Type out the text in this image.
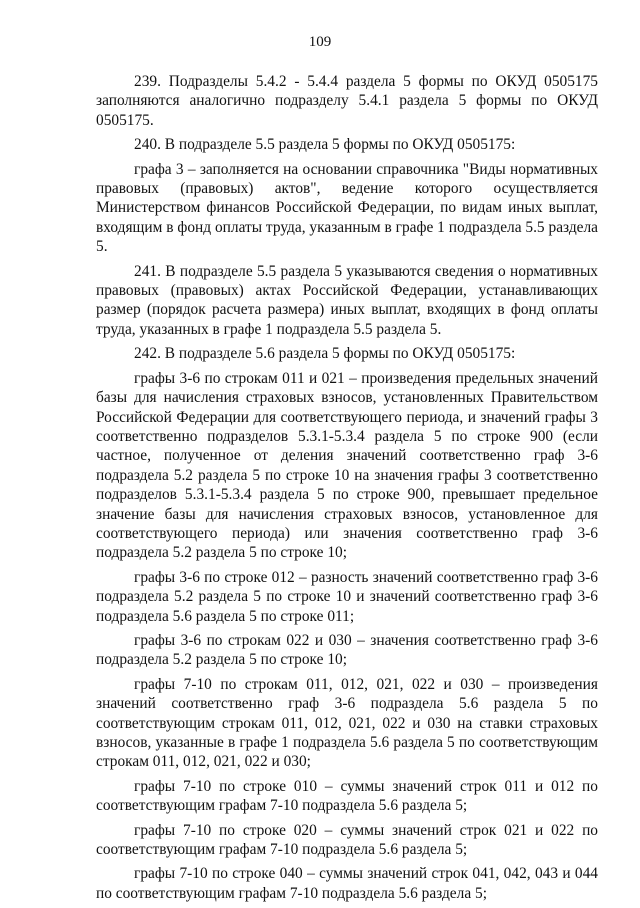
109

239. Подразделы 5.4.2 - 5.4.4 раздела 5 формы по ОКУД 0505175 заполняются аналогично подразделу 5.4.1 раздела 5 формы по ОКУД 0505175.

240. В подразделе 5.5 раздела 5 формы по ОКУД 0505175:

графа 3 – заполняется на основании справочника "Виды нормативных правовых (правовых) актов", ведение которого осуществляется Министерством финансов Российской Федерации, по видам иных выплат, входящим в фонд оплаты труда, указанным в графе 1 подраздела 5.5 раздела 5.

241. В подразделе 5.5 раздела 5 указываются сведения о нормативных правовых (правовых) актах Российской Федерации, устанавливающих размер (порядок расчета размера) иных выплат, входящих в фонд оплаты труда, указанных в графе 1 подраздела 5.5 раздела 5.

242. В подразделе 5.6 раздела 5 формы по ОКУД 0505175:

графы 3-6 по строкам 011 и 021 – произведения предельных значений базы для начисления страховых взносов, установленных Правительством Российской Федерации для соответствующего периода, и значений графы 3 соответственно подразделов 5.3.1-5.3.4 раздела 5 по строке 900 (если частное, полученное от деления значений соответственно граф 3-6 подраздела 5.2 раздела 5 по строке 10 на значения графы 3 соответственно подразделов 5.3.1-5.3.4 раздела 5 по строке 900, превышает предельное значение базы для начисления страховых взносов, установленное для соответствующего периода) или значения соответственно граф 3-6 подраздела 5.2 раздела 5 по строке 10;

графы 3-6 по строке 012 – разность значений соответственно граф 3-6 подраздела 5.2 раздела 5 по строке 10 и значений соответственно граф 3-6 подраздела 5.6 раздела 5 по строке 011;

графы 3-6 по строкам 022 и 030 – значения соответственно граф 3-6 подраздела 5.2 раздела 5 по строке 10;

графы 7-10 по строкам 011, 012, 021, 022 и 030 – произведения значений соответственно граф 3-6 подраздела 5.6 раздела 5 по соответствующим строкам 011, 012, 021, 022 и 030 на ставки страховых взносов, указанные в графе 1 подраздела 5.6 раздела 5 по соответствующим строкам 011, 012, 021, 022 и 030;

графы 7-10 по строке 010 – суммы значений строк 011 и 012 по соответствующим графам 7-10 подраздела 5.6 раздела 5;

графы 7-10 по строке 020 – суммы значений строк 021 и 022 по соответствующим графам 7-10 подраздела 5.6 раздела 5;

графы 7-10 по строке 040 – суммы значений строк 041, 042, 043 и 044 по соответствующим графам 7-10 подраздела 5.6 раздела 5;
